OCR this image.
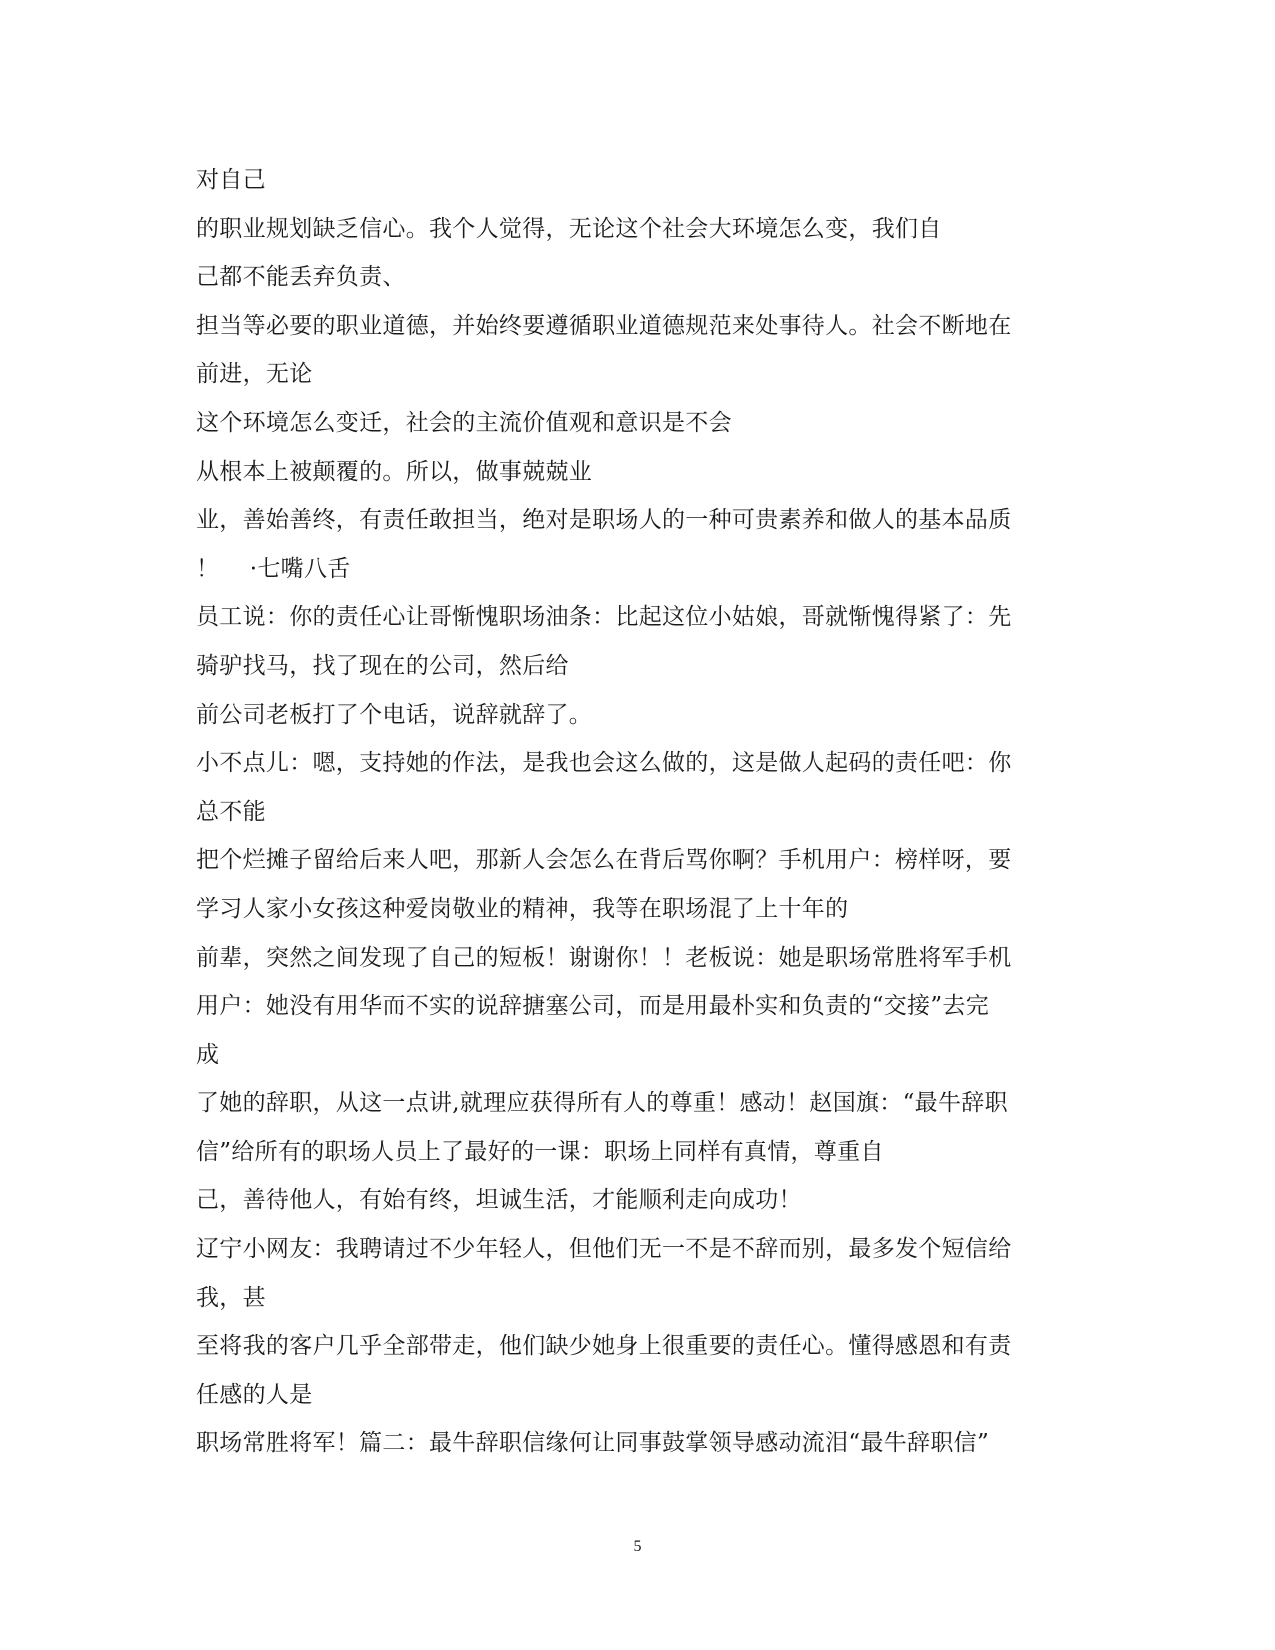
对自己
的职业规划缺乏信心。我个人觉得，无论这个社会大环境怎么变，我们自
己都不能丢弃负责、
担当等必要的职业道德，并始终要遵循职业道德规范来处事待人。社会不断地在
前进，无论
这个环境怎么变迁，社会的主流价值观和意识是不会
从根本上被颠覆的。所以，做事兢兢业
业，善始善终，有责任敢担当，绝对是职场人的一种可贵素养和做人的基本品质
！    ·七嘴八舌
员工说：你的责任心让哥惭愧职场油条：比起这位小姑娘，哥就惭愧得紧了：先
骑驴找马，找了现在的公司，然后给
前公司老板打了个电话，说辞就辞了。
小不点儿：嗯，支持她的作法，是我也会这么做的，这是做人起码的责任吧：你
总不能
把个烂摊子留给后来人吧，那新人会怎么在背后骂你啊？手机用户：榜样呀，要
学习人家小女孩这种爱岗敬业的精神，我等在职场混了上十年的
前辈，突然之间发现了自己的短板！谢谢你！！老板说：她是职场常胜将军手机
用户：她没有用华而不实的说辞搪塞公司，而是用最朴实和负责的“交接”去完
成
了她的辞职，从这一点讲,就理应获得所有人的尊重！感动！赵国旗：“最牛辞职
信”给所有的职场人员上了最好的一课：职场上同样有真情，尊重自
己，善待他人，有始有终，坦诚生活，才能顺利走向成功！
辽宁小网友：我聘请过不少年轻人，但他们无一不是不辞而别，最多发个短信给
我，甚
至将我的客户几乎全部带走，他们缺少她身上很重要的责任心。懂得感恩和有责
任感的人是
职场常胜将军！篇二：最牛辞职信缘何让同事鼓掌领导感动流泪“最牛辞职信”
5
